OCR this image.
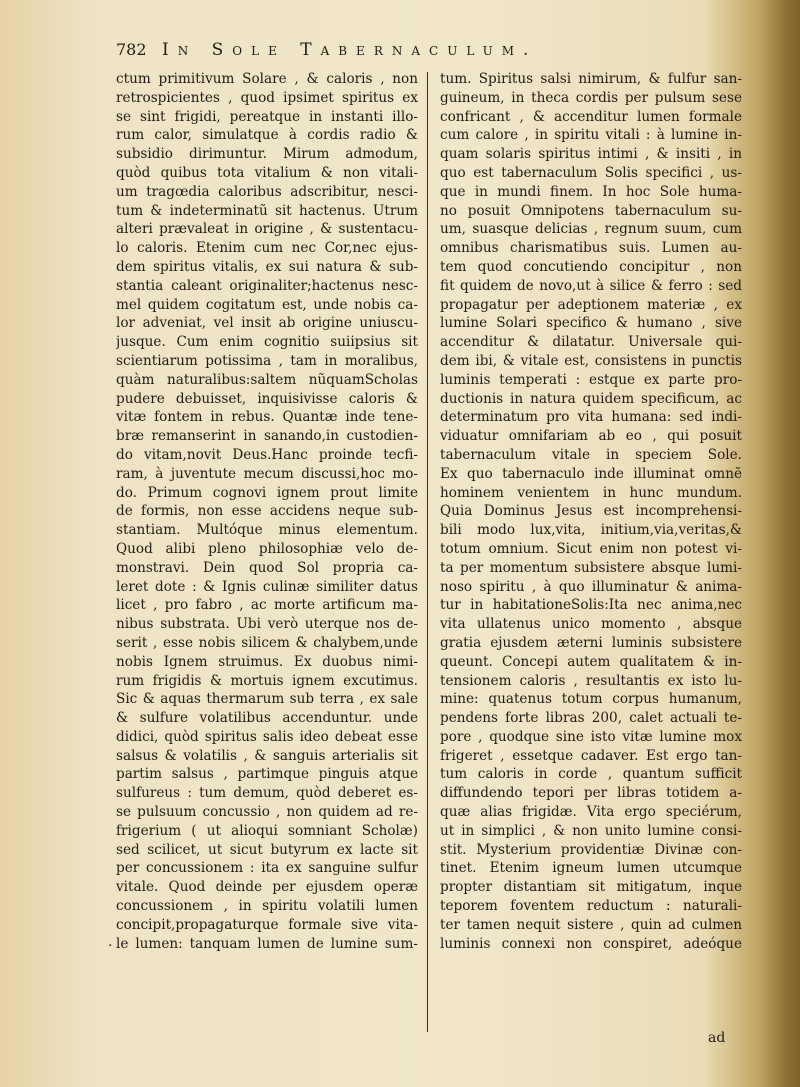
782 In Sole Tabernaculum.
ctum primitivum Solare , & caloris , non
retrospicientes , quod ipsimet spiritus ex
se sint frigidi, pereatque in instanti illo-
rum calor, simulatque à cordis radio &
subsidio dirimuntur. Mirum admodum,
quòd quibus tota vitalium & non vitali-
um tragœdia caloribus adscribitur, nesci-
tum & indeterminatũ sit hactenus. Utrum
alteri prævaleat in origine , & sustentacu-
lo caloris. Etenim cum nec Cor,nec ejus-
dem spiritus vitalis, ex sui natura & sub-
stantia caleant originaliter;hactenus nesc-
mel quidem cogitatum est, unde nobis ca-
lor adveniat, vel insit ab origine uniuscu-
jusque. Cum enim cognitio suiipsius sit
scientiarum potissima , tam in moralibus,
quàm naturalibus:saltem nũquamScholas
pudere debuisset, inquisivisse caloris &
vitæ fontem in rebus. Quantæ inde tene-
bræ remanserint in sanando,in custodien-
do vitam,novit Deus.Hanc proinde tecfi-
ram, à juventute mecum discussi,hoc mo-
do. Primum cognovi ignem prout limite
de formis, non esse accidens neque sub-
stantiam. Multóque minus elementum.
Quod alibi pleno philosophiæ velo de-
monstravi. Dein quod Sol propria ca-
leret dote : & Ignis culinæ similiter datus
licet , pro fabro , ac morte artificum ma-
nibus substrata. Ubi verò uterque nos de-
serit , esse nobis silicem & chalybem,unde
nobis Ignem struimus. Ex duobus nimi-
rum frigidis & mortuis ignem excutimus.
Sic & aquas thermarum sub terra , ex sale
& sulfure volatilibus accenduntur. unde
didici, quòd spiritus salis ideo debeat esse
salsus & volatilis , & sanguis arterialis sit
partim salsus , partimque pinguis atque
sulfureus : tum demum, quòd deberet es-
se pulsuum concussio , non quidem ad re-
frigerium ( ut alioqui somniant Scholæ)
sed scilicet, ut sicut butyrum ex lacte sit
per concussionem : ita ex sanguine sulfur
vitale. Quod deinde per ejusdem operæ
concussionem , in spiritu volatili lumen
concipit,propagaturque formale sive vita-
le lumen: tanquam lumen de lumine sum-
tum. Spiritus salsi nimirum, & fulfur san-
guineum, in theca cordis per pulsum sese
confricant , & accenditur lumen formale
cum calore , in spiritu vitali : à lumine in-
quam solaris spiritus intimi , & insiti , in
quo est tabernaculum Solis specifici , us-
que in mundi finem. In hoc Sole huma-
no posuit Omnipotens tabernaculum su-
um, suasque delicias , regnum suum, cum
omnibus charismatibus suis. Lumen au-
tem quod concutiendo concipitur , non
fit quidem de novo,ut à silice & ferro : sed
propagatur per adeptionem materiæ , ex
lumine Solari specifico & humano , sive
accenditur & dilatatur. Universale qui-
dem ibi, & vitale est, consistens in punctis
luminis temperati : estque ex parte pro-
ductionis in natura quidem specificum, ac
determinatum pro vita humana: sed indi-
viduatur omnifariam ab eo , qui posuit
tabernaculum vitale in speciem Sole.
Ex quo tabernaculo inde illuminat omnẽ
hominem venientem in hunc mundum.
Quia Dominus Jesus est incomprehensi-
bili modo lux,vita, initium,via,veritas,&
totum omnium. Sicut enim non potest vi-
ta per momentum subsistere absque lumi-
noso spiritu , à quo illuminatur & anima-
tur in habitationeSolis:Ita nec anima,nec
vita ullatenus unico momento , absque
gratia ejusdem æterni luminis subsistere
queunt. Concepi autem qualitatem & in-
tensionem caloris , resultantis ex isto lu-
mine: quatenus totum corpus humanum,
pendens forte libras 200, calet actuali te-
pore , quodque sine isto vitæ lumine mox
frigeret , essetque cadaver. Est ergo tan-
tum caloris in corde , quantum sufficit
diffundendo tepori per libras totidem a-
quæ alias frigidæ. Vita ergo speciérum,
ut in simplici , & non unito lumine consi-
stit. Mysterium providentiæ Divinæ con-
tinet. Etenim igneum lumen utcumque
propter distantiam sit mitigatum, inque
teporem foventem reductum : naturali-
ter tamen nequit sistere , quin ad culmen
luminis connexi non conspiret, adeóque
.
ad
